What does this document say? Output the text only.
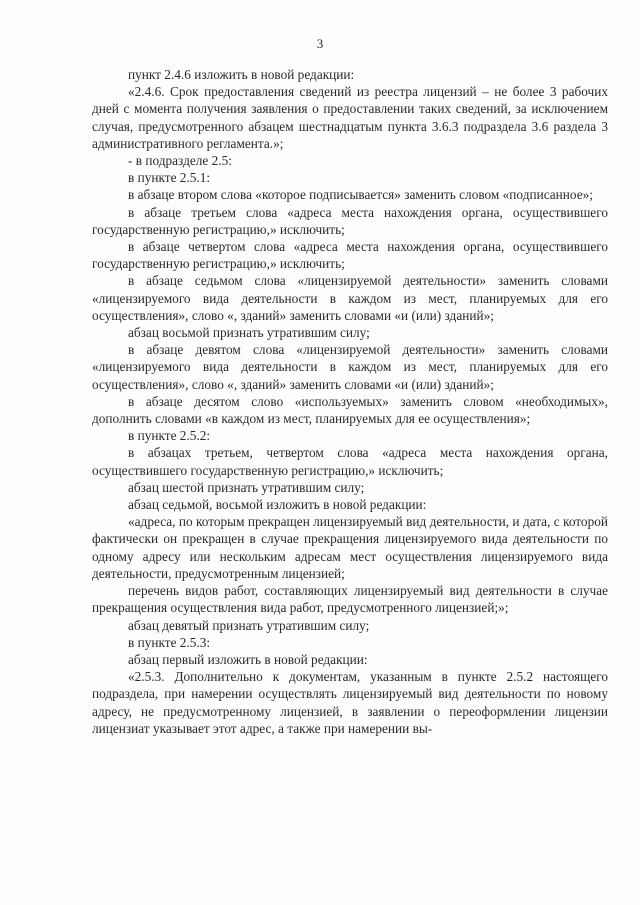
3

пункт 2.4.6 изложить в новой редакции:

«2.4.6. Срок предоставления сведений из реестра лицензий – не более 3 рабочих дней с момента получения заявления о предоставлении таких сведений, за исключением случая, предусмотренного абзацем шестнадцатым пункта 3.6.3 подраздела 3.6 раздела 3 административного регламента.»;

- в подразделе 2.5:

в пункте 2.5.1:

в абзаце втором слова «которое подписывается» заменить словом «подписанное»;

в абзаце третьем слова «адреса места нахождения органа, осуществившего государственную регистрацию,» исключить;

в абзаце четвертом слова «адреса места нахождения органа, осуществившего государственную регистрацию,» исключить;

в абзаце седьмом слова «лицензируемой деятельности» заменить словами «лицензируемого вида деятельности в каждом из мест, планируемых для его осуществления», слово «, зданий» заменить словами «и (или) зданий»;

абзац восьмой признать утратившим силу;

в абзаце девятом слова «лицензируемой деятельности» заменить словами «лицензируемого вида деятельности в каждом из мест, планируемых для его осуществления», слово «, зданий» заменить словами «и (или) зданий»;

в абзаце десятом слово «используемых» заменить словом «необходимых», дополнить словами «в каждом из мест, планируемых для ее осуществления»;

в пункте 2.5.2:

в абзацах третьем, четвертом слова «адреса места нахождения органа, осуществившего государственную регистрацию,» исключить;

абзац шестой признать утратившим силу;

абзац седьмой, восьмой изложить в новой редакции:

«адреса, по которым прекращен лицензируемый вид деятельности, и дата, с которой фактически он прекращен в случае прекращения лицензируемого вида деятельности по одному адресу или нескольким адресам мест осуществления лицензируемого вида деятельности, предусмотренным лицензией;

перечень видов работ, составляющих лицензируемый вид деятельности в случае прекращения осуществления вида работ, предусмотренного лицензией;»;

абзац девятый признать утратившим силу;

в пункте 2.5.3:

абзац первый изложить в новой редакции:

«2.5.3. Дополнительно к документам, указанным в пункте 2.5.2 настоящего подраздела, при намерении осуществлять лицензируемый вид деятельности по новому адресу, не предусмотренному лицензией, в заявлении о переоформлении лицензии лицензиат указывает этот адрес, а также при намерении вы-
